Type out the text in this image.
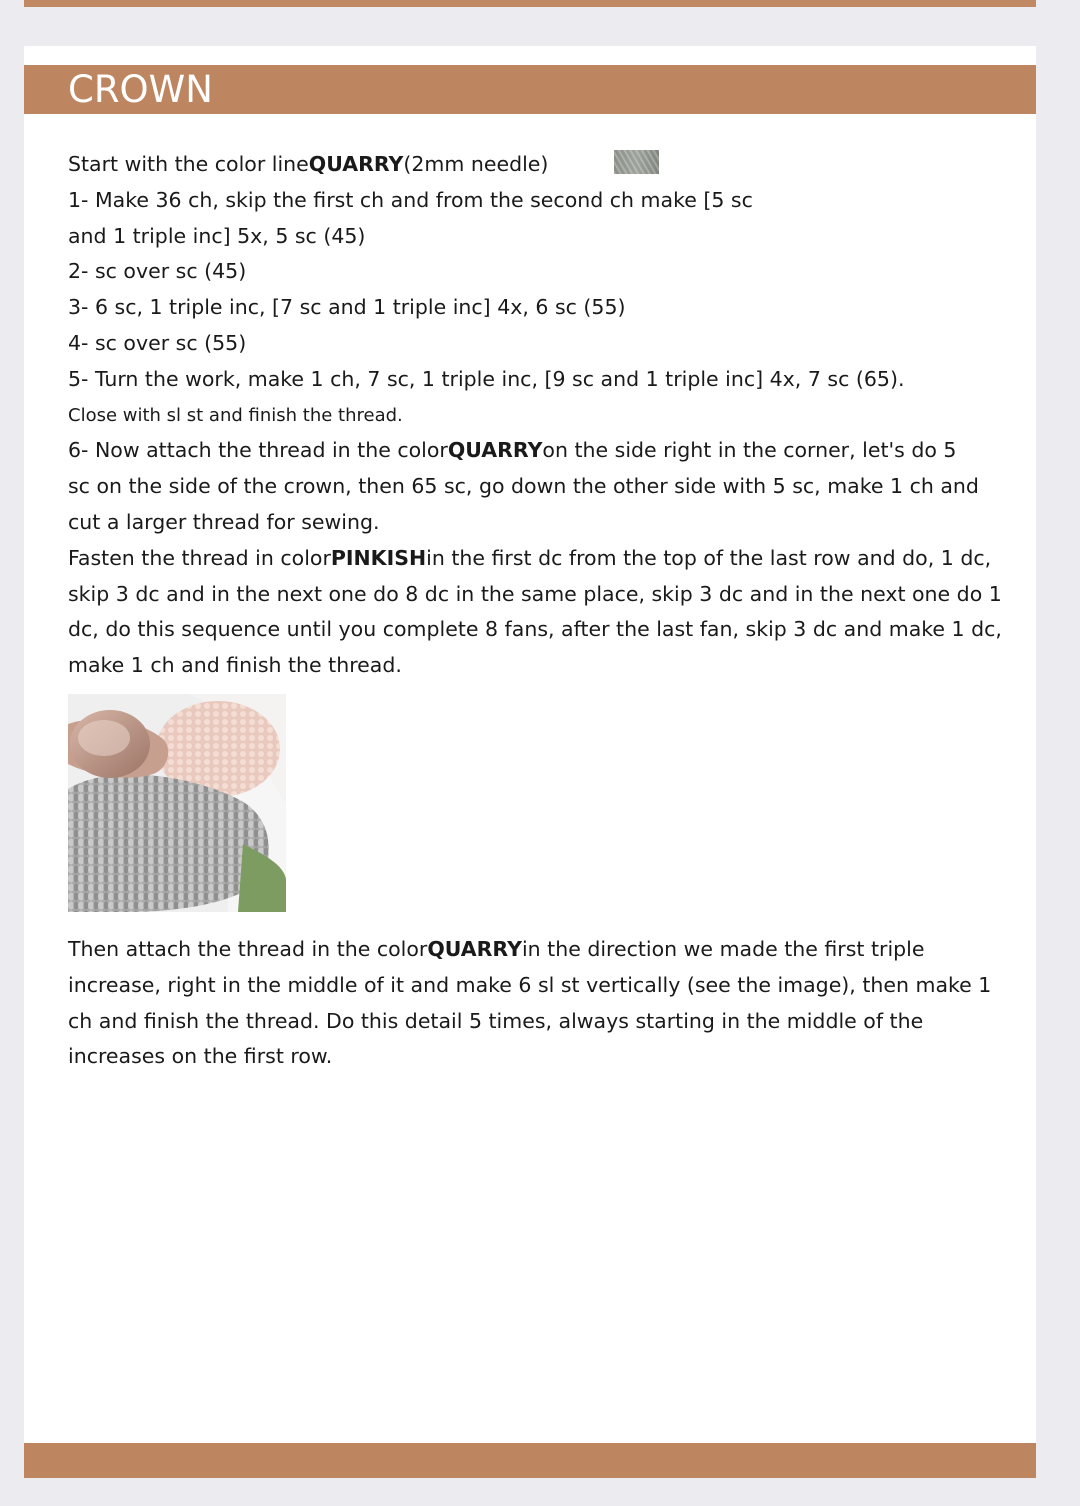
CROWN

Start with the color lineQUARRY(2mm needle)

1- Make 36 ch, skip the first ch and from the second ch make [5 sc

and 1 triple inc] 5x, 5 sc (45)

2- sc over sc (45)

3- 6 sc, 1 triple inc, [7 sc and 1 triple inc] 4x, 6 sc (55)

4- sc over sc (55)

5- Turn the work, make 1 ch, 7 sc, 1 triple inc, [9 sc and 1 triple inc] 4x, 7 sc (65).

Close with sl st and finish the thread.

6- Now attach the thread in the colorQUARRYon the side right in the corner, let's do 5

sc on the side of the crown, then 65 sc, go down the other side with 5 sc, make 1 ch and

cut a larger thread for sewing.

Fasten the thread in colorPINKISHin the first dc from the top of the last row and do, 1 dc,

skip 3 dc and in the next one do 8 dc in the same place, skip 3 dc and in the next one do 1

dc, do this sequence until you complete 8 fans, after the last fan, skip 3 dc and make 1 dc,

make 1 ch and finish the thread.

Then attach the thread in the colorQUARRYin the direction we made the first triple

increase, right in the middle of it and make 6 sl st vertically (see the image), then make 1

ch and finish the thread. Do this detail 5 times, always starting in the middle of the

increases on the first row.
